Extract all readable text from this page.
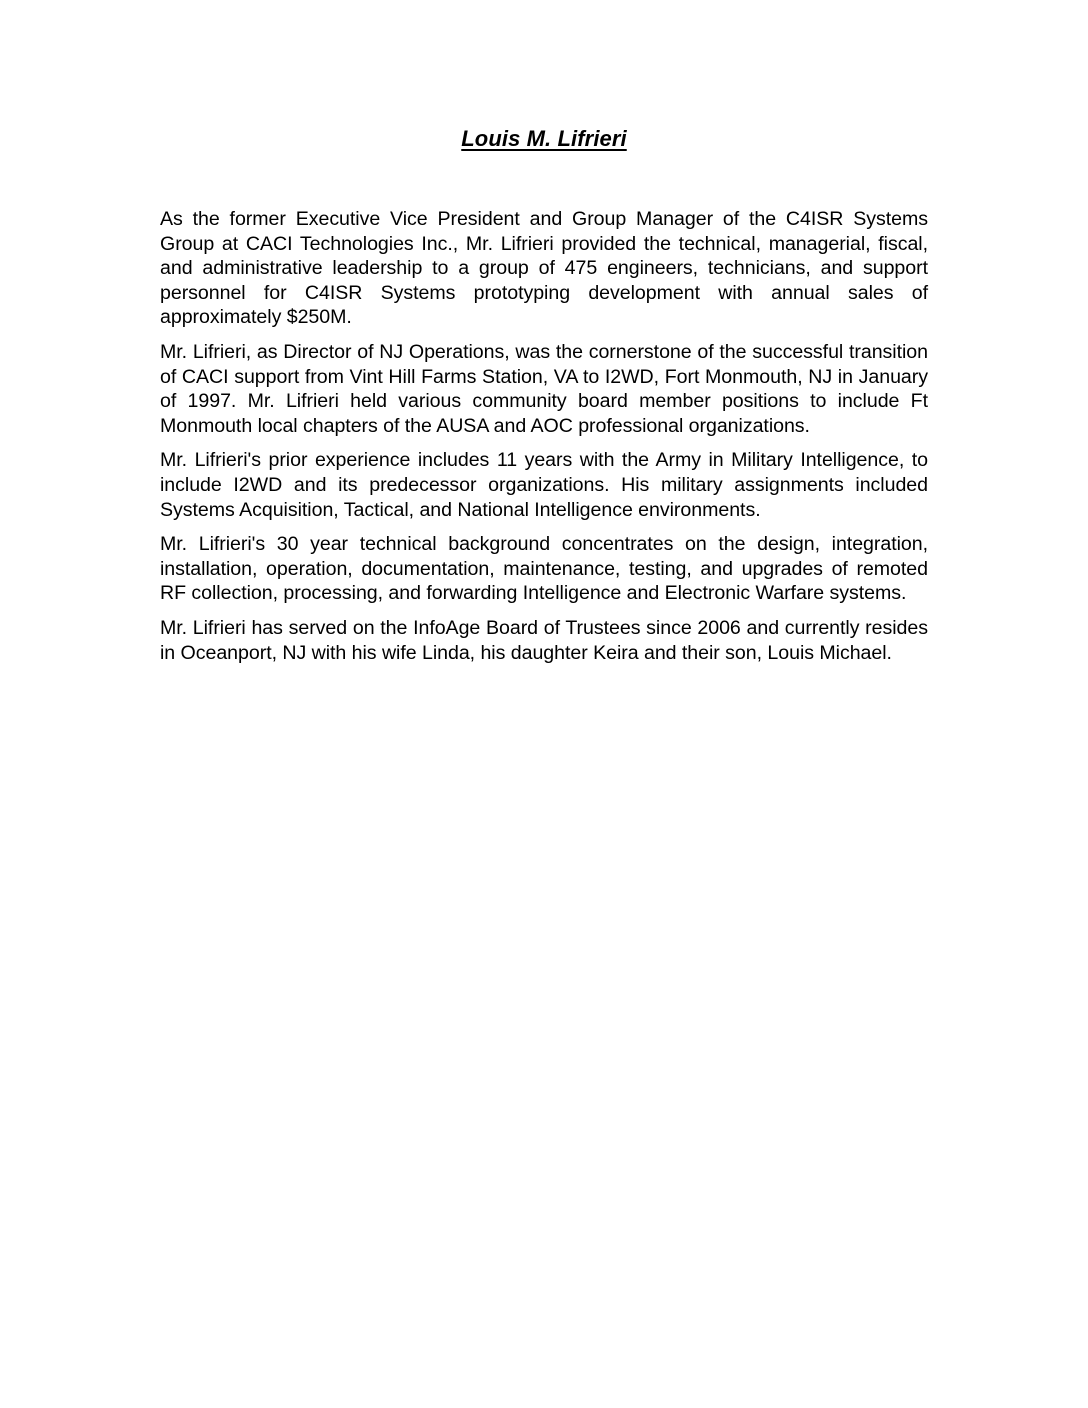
Louis M. Lifrieri

As the former Executive Vice President and Group Manager of the C4ISR Systems Group at CACI Technologies Inc., Mr. Lifrieri provided the technical, managerial, fiscal, and administrative leadership to a group of 475 engineers, technicians, and support personnel for C4ISR Systems prototyping development with annual sales of approximately $250M.

Mr. Lifrieri, as Director of NJ Operations, was the cornerstone of the successful transition of CACI support from Vint Hill Farms Station, VA to I2WD, Fort Monmouth, NJ in January of 1997. Mr. Lifrieri held various community board member positions to include Ft Monmouth local chapters of the AUSA and AOC professional organizations.

Mr. Lifrieri's prior experience includes 11 years with the Army in Military Intelligence, to include I2WD and its predecessor organizations. His military assignments included Systems Acquisition, Tactical, and National Intelligence environments.

Mr. Lifrieri's 30 year technical background concentrates on the design, integration, installation, operation, documentation, maintenance, testing, and upgrades of remoted RF collection, processing, and forwarding Intelligence and Electronic Warfare systems.

Mr. Lifrieri has served on the InfoAge Board of Trustees since 2006 and currently resides in Oceanport, NJ with his wife Linda, his daughter Keira and their son, Louis Michael.
